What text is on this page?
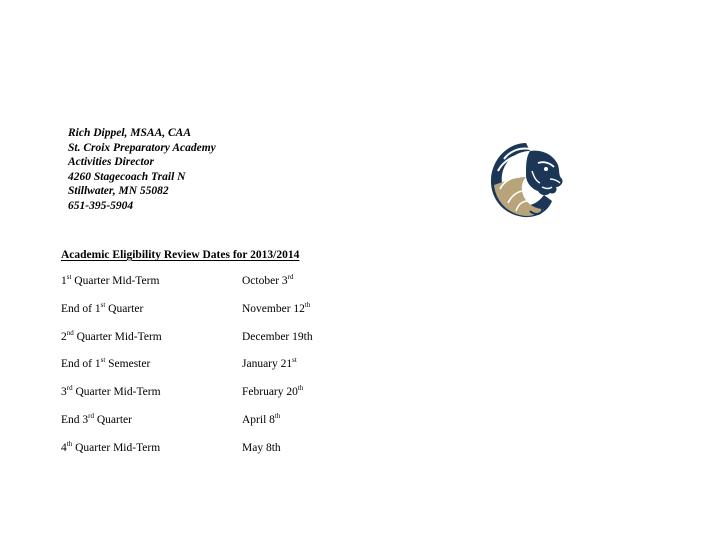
Rich Dippel, MSAA, CAA
St. Croix Preparatory Academy
Activities Director
4260 Stagecoach Trail N
Stillwater, MN 55082
651-395-5904
Academic Eligibility Review Dates for 2013/2014
1st Quarter Mid-Term	October 3rd
End of 1st Quarter	November 12th
2nd Quarter Mid-Term	December 19th
End of 1st Semester	January 21st
3rd Quarter Mid-Term	February 20th
End 3rd Quarter	April 8th
4th Quarter Mid-Term	May 8th
